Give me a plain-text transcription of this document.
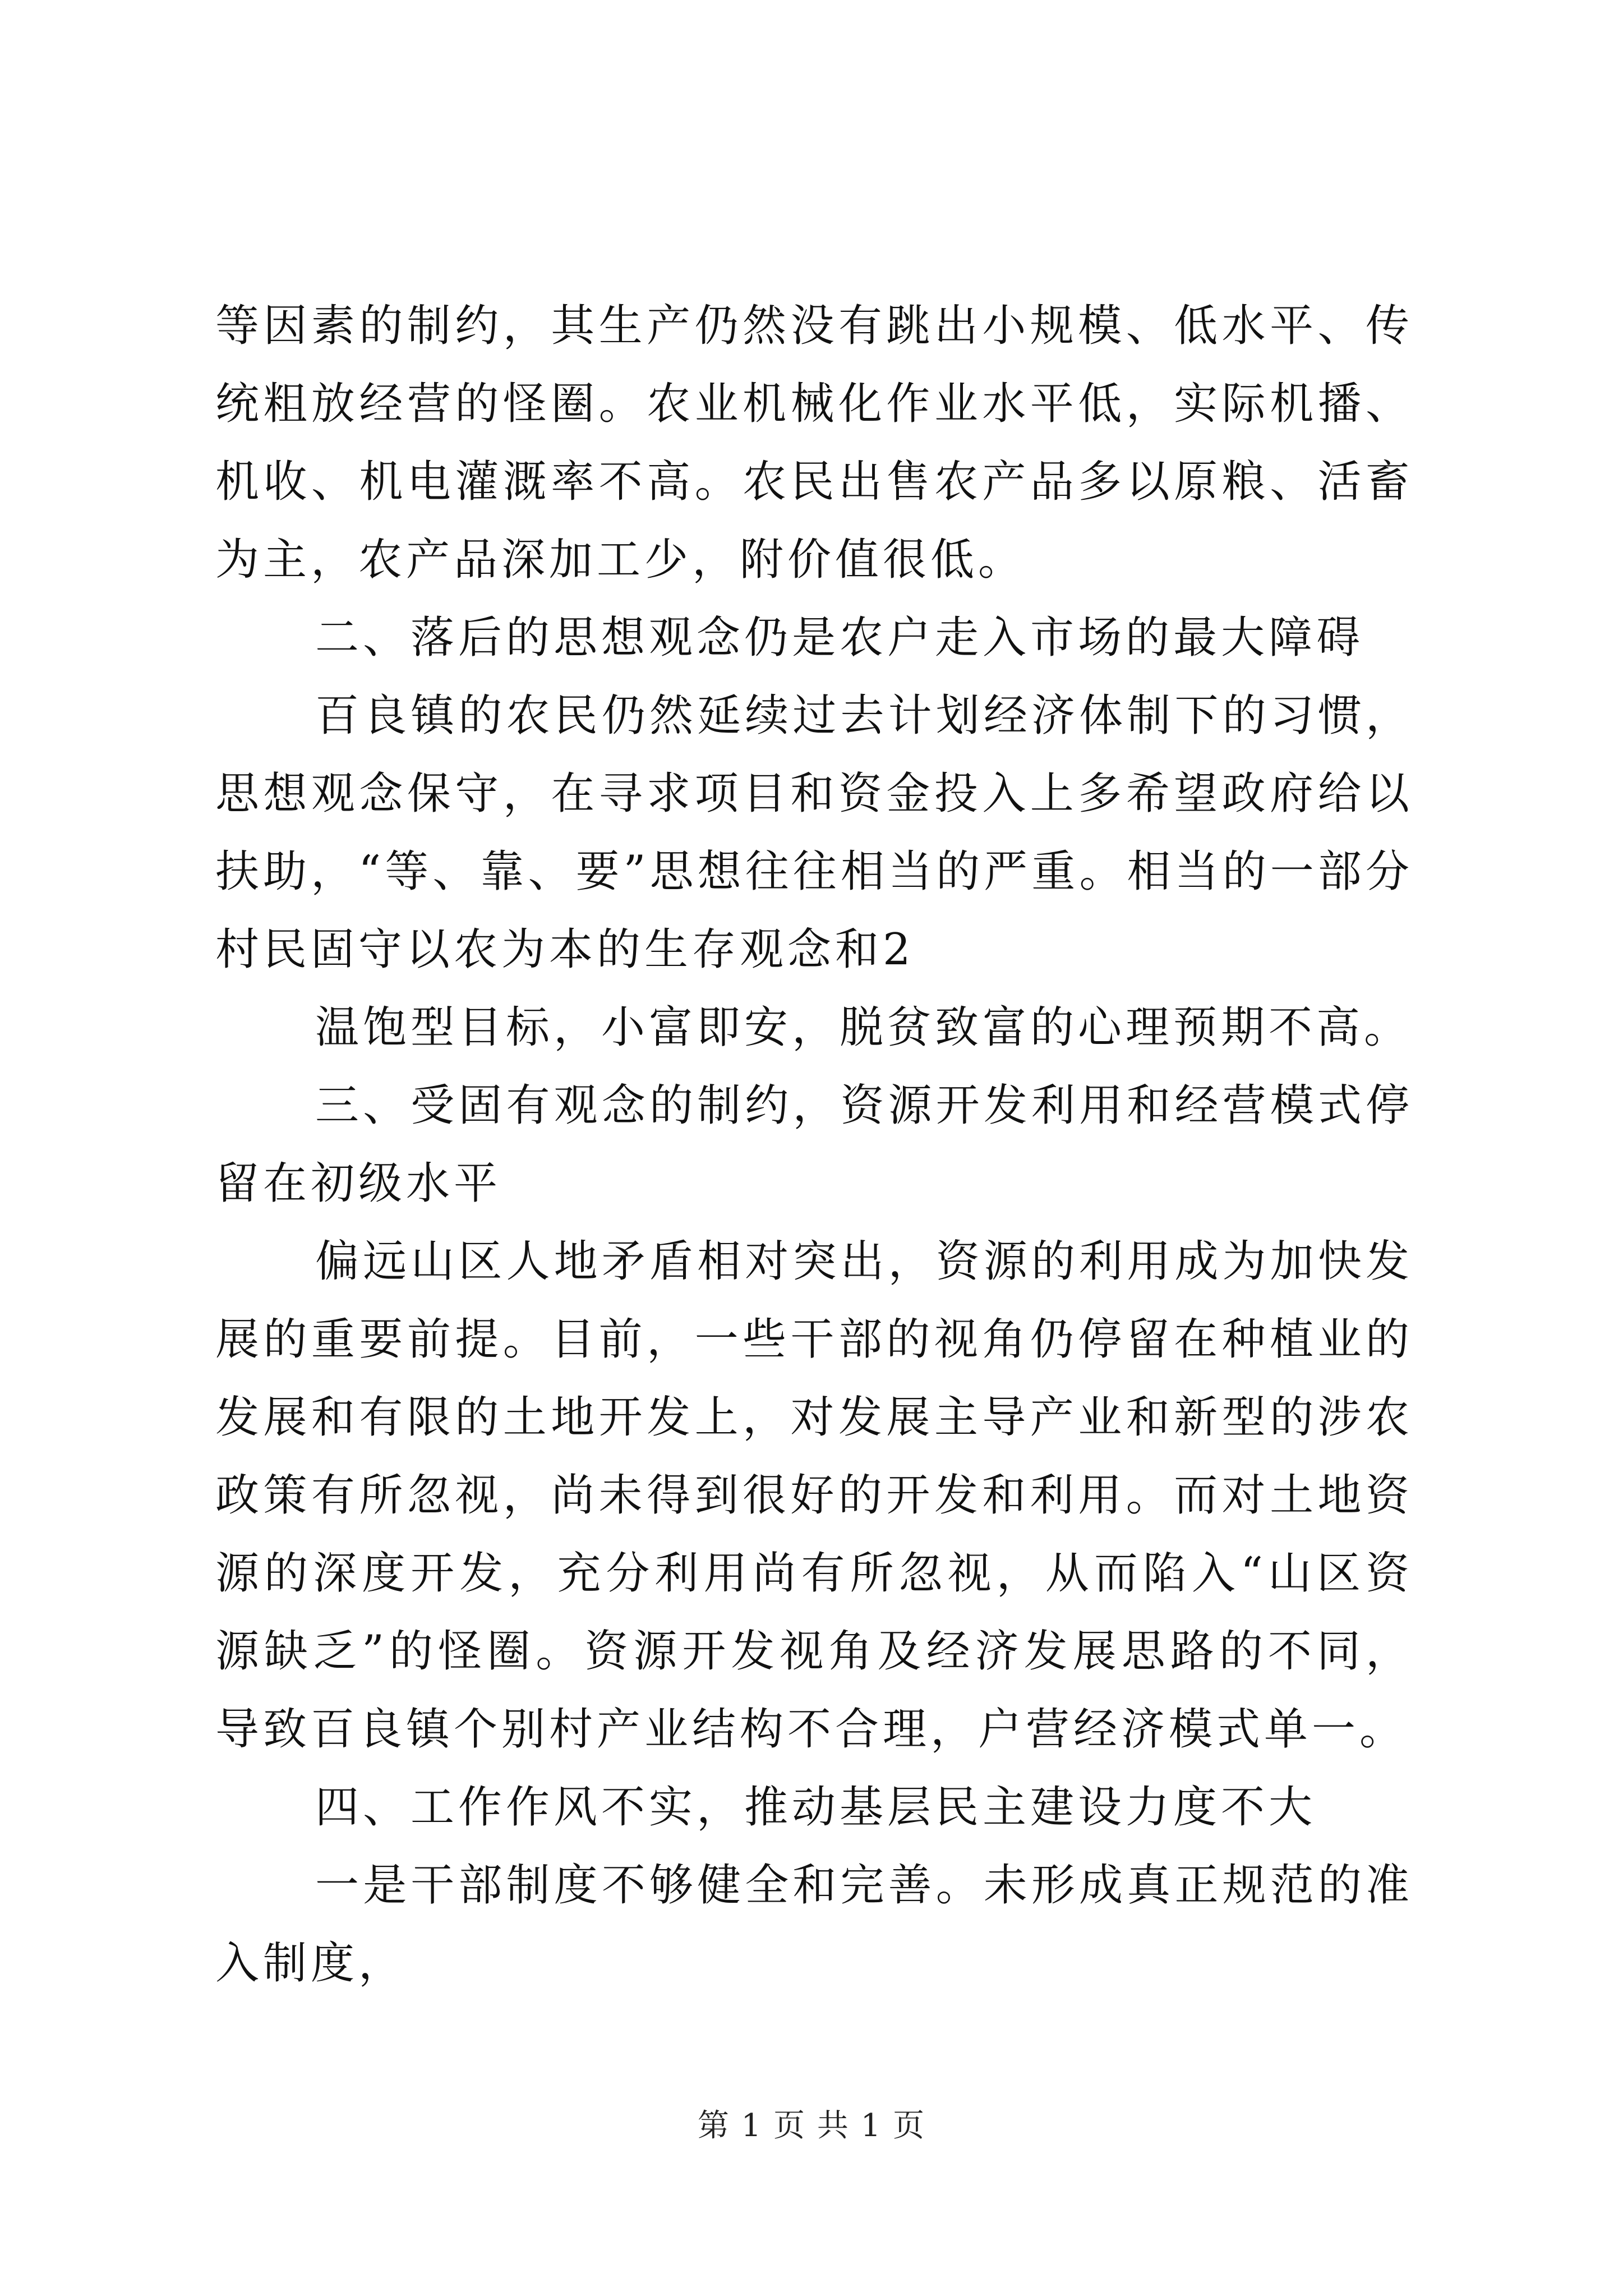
等因素的制约，其生产仍然没有跳出小规模、低水平、传统粗放经营的怪圈。农业机械化作业水平低，实际机播、机收、机电灌溉率不高。农民出售农产品多以原粮、活畜为主，农产品深加工少，附价值很低。

二、落后的思想观念仍是农户走入市场的最大障碍

百良镇的农民仍然延续过去计划经济体制下的习惯，思想观念保守，在寻求项目和资金投入上多希望政府给以扶助，“等、靠、要”思想往往相当的严重。相当的一部分村民固守以农为本的生存观念和2

温饱型目标，小富即安，脱贫致富的心理预期不高。

三、受固有观念的制约，资源开发利用和经营模式停留在初级水平

偏远山区人地矛盾相对突出，资源的利用成为加快发展的重要前提。目前，一些干部的视角仍停留在种植业的发展和有限的土地开发上，对发展主导产业和新型的涉农政策有所忽视，尚未得到很好的开发和利用。而对土地资源的深度开发，充分利用尚有所忽视，从而陷入“山区资源缺乏”的怪圈。资源开发视角及经济发展思路的不同，导致百良镇个别村产业结构不合理，户营经济模式单一。

四、工作作风不实，推动基层民主建设力度不大

一是干部制度不够健全和完善。未形成真正规范的准入制度，

第 1 页 共 1 页
